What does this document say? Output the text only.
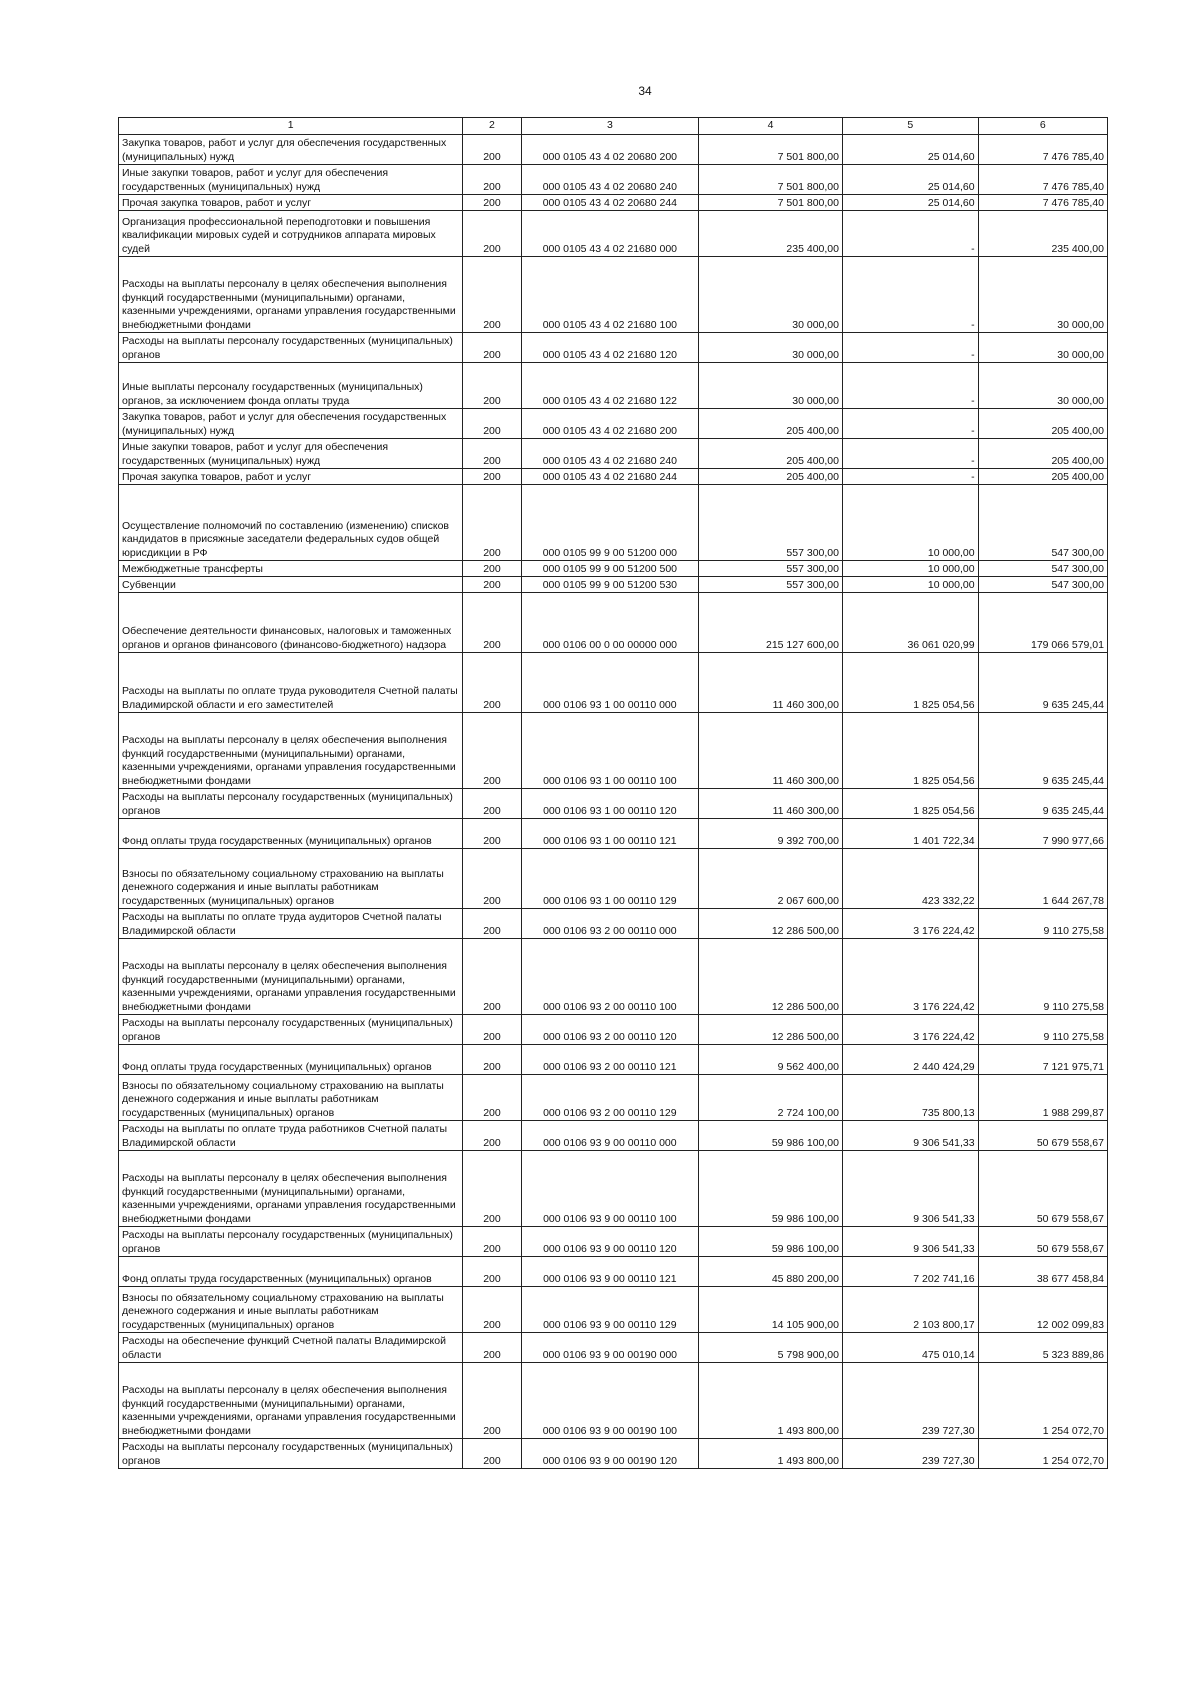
34
1	2	3	4	5	6
Закупка товаров, работ и услуг для обеспечения государственных (муниципальных) нужд	200	000 0105 43 4 02 20680 200	7 501 800,00	25 014,60	7 476 785,40
Иные закупки товаров, работ и услуг для обеспечения государственных (муниципальных) нужд	200	000 0105 43 4 02 20680 240	7 501 800,00	25 014,60	7 476 785,40
Прочая закупка товаров, работ и услуг	200	000 0105 43 4 02 20680 244	7 501 800,00	25 014,60	7 476 785,40
Организация профессиональной переподготовки и повышения квалификации мировых судей и сотрудников аппарата мировых судей	200	000 0105 43 4 02 21680 000	235 400,00	-	235 400,00
Расходы на выплаты персоналу в целях обеспечения выполнения функций государственными (муниципальными) органами, казенными учреждениями, органами управления государственными внебюджетными фондами	200	000 0105 43 4 02 21680 100	30 000,00	-	30 000,00
Расходы на выплаты персоналу государственных (муниципальных) органов	200	000 0105 43 4 02 21680 120	30 000,00	-	30 000,00
Иные выплаты персоналу государственных (муниципальных) органов, за исключением фонда оплаты труда	200	000 0105 43 4 02 21680 122	30 000,00	-	30 000,00
Закупка товаров, работ и услуг для обеспечения государственных (муниципальных) нужд	200	000 0105 43 4 02 21680 200	205 400,00	-	205 400,00
Иные закупки товаров, работ и услуг для обеспечения государственных (муниципальных) нужд	200	000 0105 43 4 02 21680 240	205 400,00	-	205 400,00
Прочая закупка товаров, работ и услуг	200	000 0105 43 4 02 21680 244	205 400,00	-	205 400,00
Осуществление полномочий по составлению (изменению) списков кандидатов в присяжные заседатели федеральных судов общей юрисдикции в РФ	200	000 0105 99 9 00 51200 000	557 300,00	10 000,00	547 300,00
Межбюджетные трансферты	200	000 0105 99 9 00 51200 500	557 300,00	10 000,00	547 300,00
Субвенции	200	000 0105 99 9 00 51200 530	557 300,00	10 000,00	547 300,00
Обеспечение деятельности финансовых, налоговых и таможенных органов и органов финансового (финансово-бюджетного) надзора	200	000 0106 00 0 00 00000 000	215 127 600,00	36 061 020,99	179 066 579,01
Расходы на выплаты по оплате труда руководителя Счетной палаты Владимирской области и его заместителей	200	000 0106 93 1 00 00110 000	11 460 300,00	1 825 054,56	9 635 245,44
Расходы на выплаты персоналу в целях обеспечения выполнения функций государственными (муниципальными) органами, казенными учреждениями, органами управления государственными внебюджетными фондами	200	000 0106 93 1 00 00110 100	11 460 300,00	1 825 054,56	9 635 245,44
Расходы на выплаты персоналу государственных (муниципальных) органов	200	000 0106 93 1 00 00110 120	11 460 300,00	1 825 054,56	9 635 245,44
Фонд оплаты труда государственных (муниципальных) органов	200	000 0106 93 1 00 00110 121	9 392 700,00	1 401 722,34	7 990 977,66
Взносы по обязательному социальному страхованию на выплаты денежного содержания и иные выплаты работникам государственных (муниципальных) органов	200	000 0106 93 1 00 00110 129	2 067 600,00	423 332,22	1 644 267,78
Расходы на выплаты по оплате труда аудиторов Счетной палаты Владимирской области	200	000 0106 93 2 00 00110 000	12 286 500,00	3 176 224,42	9 110 275,58
Расходы на выплаты персоналу в целях обеспечения выполнения функций государственными (муниципальными) органами, казенными учреждениями, органами управления государственными внебюджетными фондами	200	000 0106 93 2 00 00110 100	12 286 500,00	3 176 224,42	9 110 275,58
Расходы на выплаты персоналу государственных (муниципальных) органов	200	000 0106 93 2 00 00110 120	12 286 500,00	3 176 224,42	9 110 275,58
Фонд оплаты труда государственных (муниципальных) органов	200	000 0106 93 2 00 00110 121	9 562 400,00	2 440 424,29	7 121 975,71
Взносы по обязательному социальному страхованию на выплаты денежного содержания и иные выплаты работникам государственных (муниципальных) органов	200	000 0106 93 2 00 00110 129	2 724 100,00	735 800,13	1 988 299,87
Расходы на выплаты по оплате труда работников Счетной палаты Владимирской области	200	000 0106 93 9 00 00110 000	59 986 100,00	9 306 541,33	50 679 558,67
Расходы на выплаты персоналу в целях обеспечения выполнения функций государственными (муниципальными) органами, казенными учреждениями, органами управления государственными внебюджетными фондами	200	000 0106 93 9 00 00110 100	59 986 100,00	9 306 541,33	50 679 558,67
Расходы на выплаты персоналу государственных (муниципальных) органов	200	000 0106 93 9 00 00110 120	59 986 100,00	9 306 541,33	50 679 558,67
Фонд оплаты труда государственных (муниципальных) органов	200	000 0106 93 9 00 00110 121	45 880 200,00	7 202 741,16	38 677 458,84
Взносы по обязательному социальному страхованию на выплаты денежного содержания и иные выплаты работникам государственных (муниципальных) органов	200	000 0106 93 9 00 00110 129	14 105 900,00	2 103 800,17	12 002 099,83
Расходы на обеспечение функций Счетной палаты Владимирской области	200	000 0106 93 9 00 00190 000	5 798 900,00	475 010,14	5 323 889,86
Расходы на выплаты персоналу в целях обеспечения выполнения функций государственными (муниципальными) органами, казенными учреждениями, органами управления государственными внебюджетными фондами	200	000 0106 93 9 00 00190 100	1 493 800,00	239 727,30	1 254 072,70
Расходы на выплаты персоналу государственных (муниципальных) органов	200	000 0106 93 9 00 00190 120	1 493 800,00	239 727,30	1 254 072,70
